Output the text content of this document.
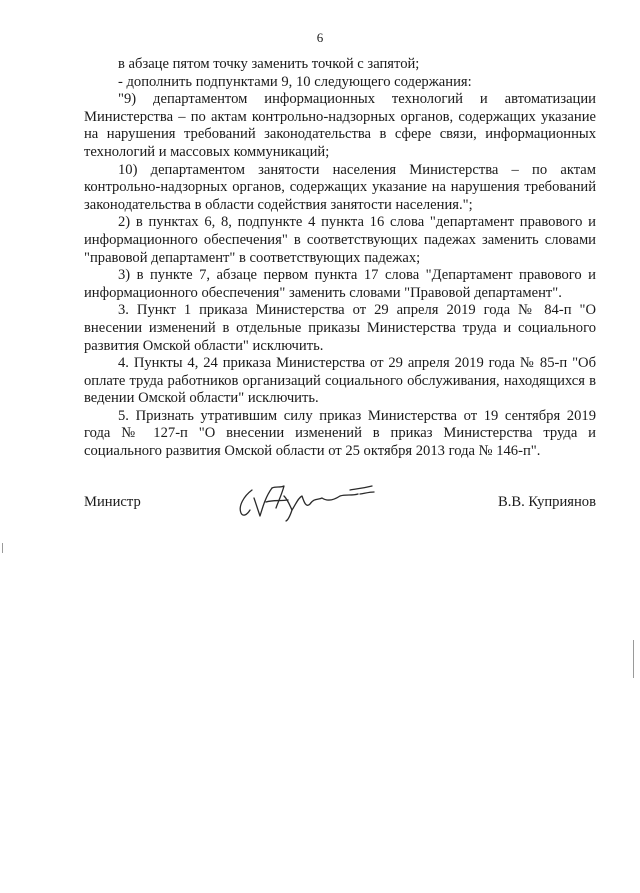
6

в абзаце пятом точку заменить точкой с запятой;

- дополнить подпунктами 9, 10 следующего содержания:

"9) департаментом информационных технологий и автоматизации Министерства – по актам контрольно-надзорных органов, содержащих указание на нарушения требований законодательства в сфере связи, информационных технологий и массовых коммуникаций;

10) департаментом занятости населения Министерства – по актам контрольно-надзорных органов, содержащих указание на нарушения требований законодательства в области содействия занятости населения.";

2) в пунктах 6, 8, подпункте 4 пункта 16 слова "департамент правового и информационного обеспечения" в соответствующих падежах заменить словами "правовой департамент" в соответствующих падежах;

3) в пункте 7, абзаце первом пункта 17 слова "Департамент правового и информационного обеспечения" заменить словами "Правовой департамент".

3. Пункт 1 приказа Министерства от 29 апреля 2019 года № 84-п "О внесении изменений в отдельные приказы Министерства труда и социального развития Омской области" исключить.

4. Пункты 4, 24 приказа Министерства от 29 апреля 2019 года № 85-п "Об оплате труда работников организаций социального обслуживания, находящихся в ведении Омской области" исключить.

5. Признать утратившим силу приказ Министерства от 19 сентября 2019 года № 127-п "О внесении изменений в приказ Министерства труда и социального развития Омской области от 25 октября 2013 года № 146-п".

Министр	В.В. Куприянов
